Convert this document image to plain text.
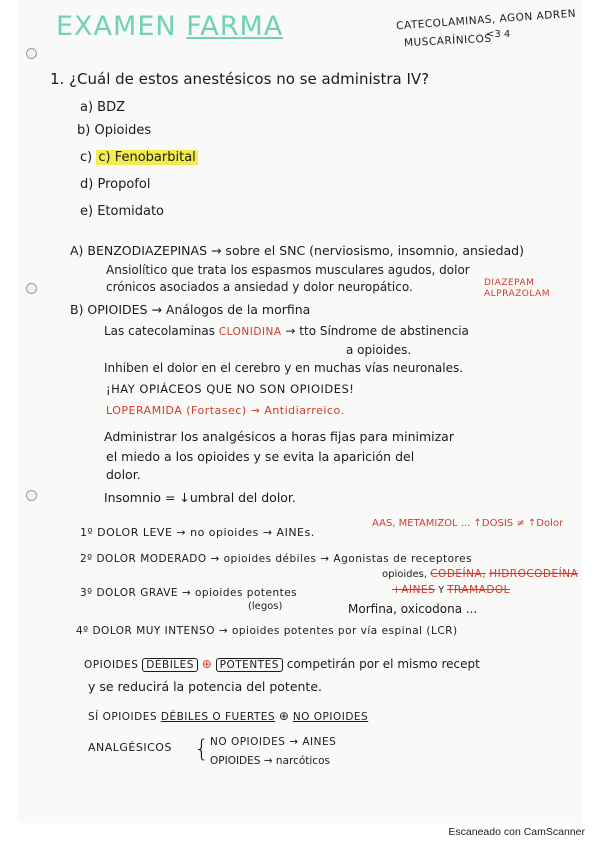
EXAMEN FARMA	CATECOLAMINAS, AGON ADREN
MUSCARÍNICOS
<3 4
1. ¿Cuál de estos anestésicos no se administra IV?
a) BDZ
b) Opioides
c) c) Fenobarbital
d) Propofol
e) Etomidato
A) BENZODIAZEPINAS → sobre el SNC (nerviosismo, insomnio, ansiedad)
Ansiolítico que trata los espasmos musculares agudos, dolor
crónicos asociados a ansiedad y dolor neuropático.	DIAZEPAM ALPRAZOLAM
B) OPIOIDES → Análogos de la morfina
Las catecolaminas CLONIDINA → tto Síndrome de abstinencia
a opioides.
Inhiben el dolor en el cerebro y en muchas vías neuronales.
¡HAY OPIÁCEOS QUE NO SON OPIOIDES!
LOPERAMIDA (Fortasec) → Antidiarreico.
Administrar los analgésicos a horas fijas para minimizar
el miedo a los opioides y se evita la aparición del
dolor.
Insomnio = ↓umbral del dolor.
1º DOLOR LEVE → no opioides → AINEs.
AAS, METAMIZOL ... ↑DOSIS ≠ ↑Dolor
2º DOLOR MODERADO → opioides débiles → Agonistas de receptores
opioides, CODEÍNA, HIDROCODEÍNA
+AINES Y TRAMADOL
3º DOLOR GRAVE → opioides potentes
(legos)	Morfina, oxicodona ...
4º DOLOR MUY INTENSO → opioides potentes por vía espinal (LCR)
OPIOIDES DÉBILES ⊕ POTENTES competirán por el mismo recept
y se reducirá la potencia del potente.
SÍ OPIOIDES DÉBILES O FUERTES ⊕ NO OPIOIDES
ANALGÉSICOS { NO OPIOIDES → AINES
OPIOIDES → narcóticos
Escaneado con CamScanner
